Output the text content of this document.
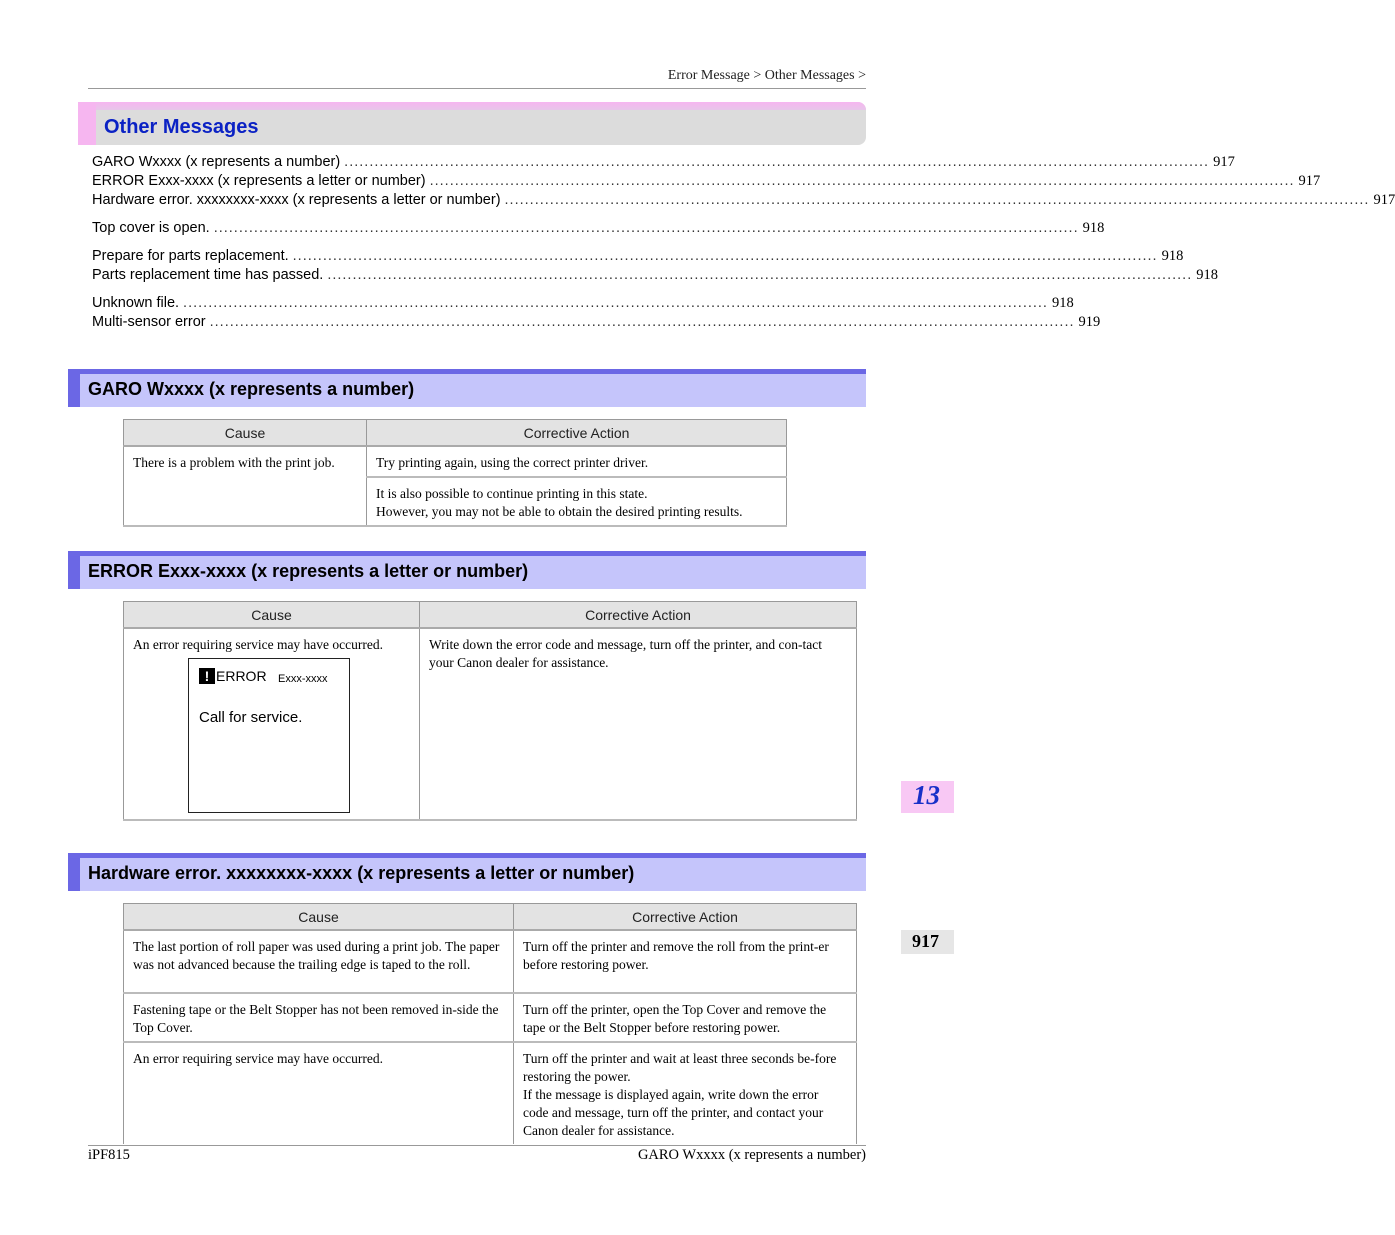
Error Message > Other Messages >
Other Messages
GARO Wxxxx (x represents a number) ............................................................................................................................................................................ 917
ERROR Exxx-xxxx (x represents a letter or number) ............................................................................................................................................................................ 917
Hardware error. xxxxxxxx-xxxx (x represents a letter or number) ............................................................................................................................................................................ 917
Top cover is open. ............................................................................................................................................................................ 918
Prepare for parts replacement. ............................................................................................................................................................................ 918
Parts replacement time has passed. ............................................................................................................................................................................ 918
Unknown file. ............................................................................................................................................................................ 918
Multi-sensor error ............................................................................................................................................................................ 919
GARO Wxxxx (x represents a number)
Cause	Corrective Action
There is a problem with the print job.	Try printing again, using the correct printer driver.
	It is also possible to continue printing in this state.
However, you may not be able to obtain the desired printing results.
ERROR Exxx-xxxx (x represents a letter or number)
Cause	Corrective Action

An error requiring service may have occurred.
! ERROR Exxx-xxxx
Call for service.	Write down the error code and message, turn off the printer, and con-tact your Canon dealer for assistance.
Hardware error. xxxxxxxx-xxxx (x represents a letter or number)
Cause	Corrective Action
The last portion of roll paper was used during a print job. The paper was not advanced because the trailing edge is taped to the roll.	Turn off the printer and remove the roll from the print-er before restoring power.
Fastening tape or the Belt Stopper has not been removed in-side the Top Cover.	Turn off the printer, open the Top Cover and remove the tape or the Belt Stopper before restoring power.
An error requiring service may have occurred.	Turn off the printer and wait at least three seconds be-fore restoring the power.
If the message is displayed again, write down the error code and message, turn off the printer, and contact your Canon dealer for assistance.
13
917
iPF815	GARO Wxxxx (x represents a number)
